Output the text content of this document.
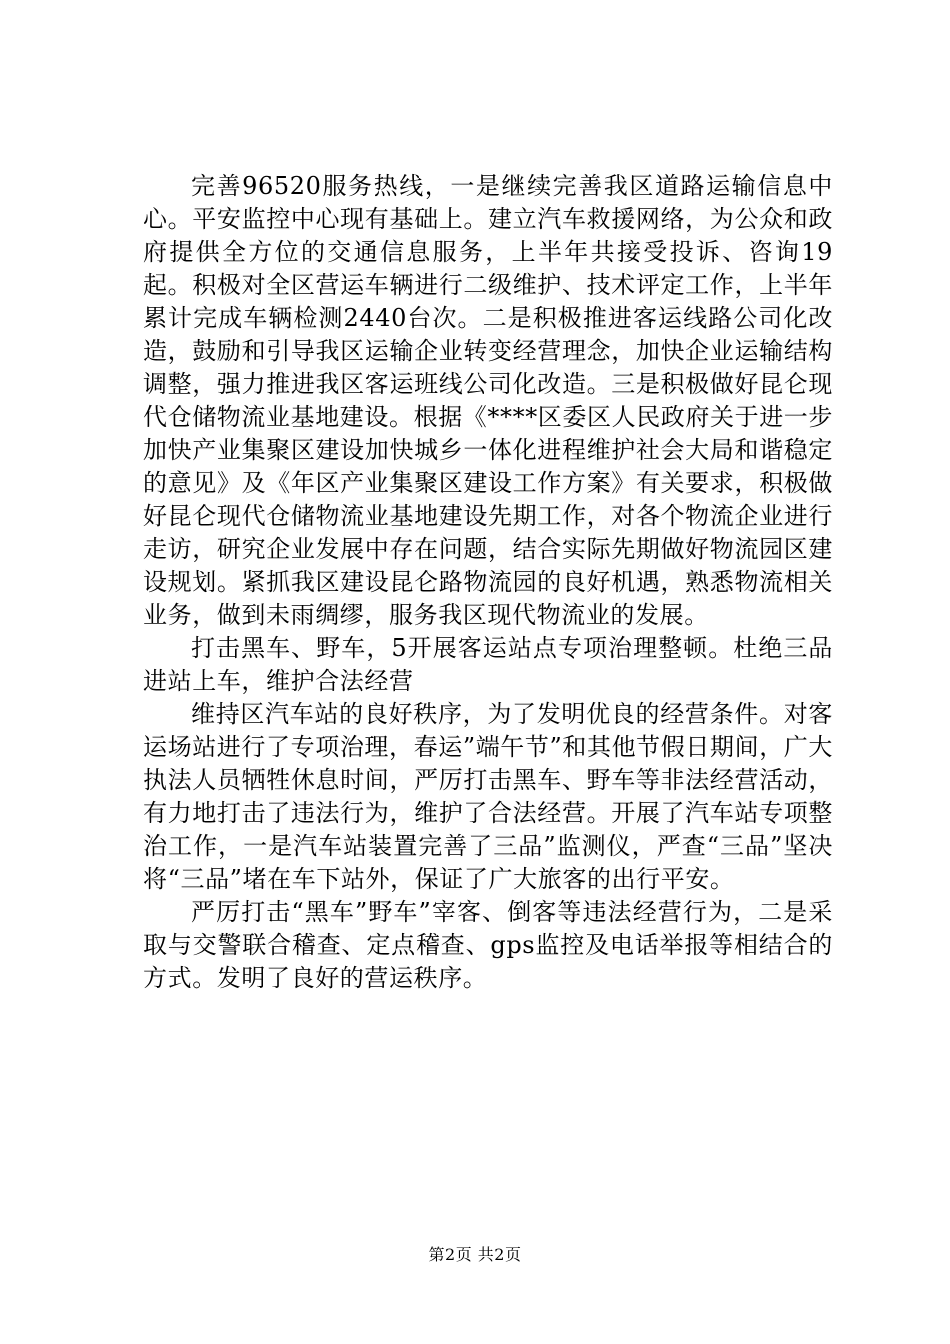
完善96520服务热线，一是继续完善我区道路运输信息中心。平安监控中心现有基础上。建立汽车救援网络，为公众和政府提供全方位的交通信息服务，上半年共接受投诉、咨询19起。积极对全区营运车辆进行二级维护、技术评定工作，上半年累计完成车辆检测2440台次。二是积极推进客运线路公司化改造，鼓励和引导我区运输企业转变经营理念，加快企业运输结构调整，强力推进我区客运班线公司化改造。三是积极做好昆仑现代仓储物流业基地建设。根据《****区委区人民政府关于进一步加快产业集聚区建设加快城乡一体化进程维护社会大局和谐稳定的意见》及《年区产业集聚区建设工作方案》有关要求，积极做好昆仑现代仓储物流业基地建设先期工作，对各个物流企业进行走访，研究企业发展中存在问题，结合实际先期做好物流园区建设规划。紧抓我区建设昆仑路物流园的良好机遇，熟悉物流相关业务，做到未雨绸缪，服务我区现代物流业的发展。

打击黑车、野车，5开展客运站点专项治理整顿。杜绝三品进站上车，维护合法经营

维持区汽车站的良好秩序，为了发明优良的经营条件。对客运场站进行了专项治理，春运”端午节”和其他节假日期间，广大执法人员牺牲休息时间，严厉打击黑车、野车等非法经营活动，有力地打击了违法行为，维护了合法经营。开展了汽车站专项整治工作，一是汽车站装置完善了三品”监测仪，严查“三品”坚决将“三品”堵在车下站外，保证了广大旅客的出行平安。

严厉打击“黑车”野车”宰客、倒客等违法经营行为，二是采取与交警联合稽查、定点稽查、gps监控及电话举报等相结合的方式。发明了良好的营运秩序。

第2页 共2页
